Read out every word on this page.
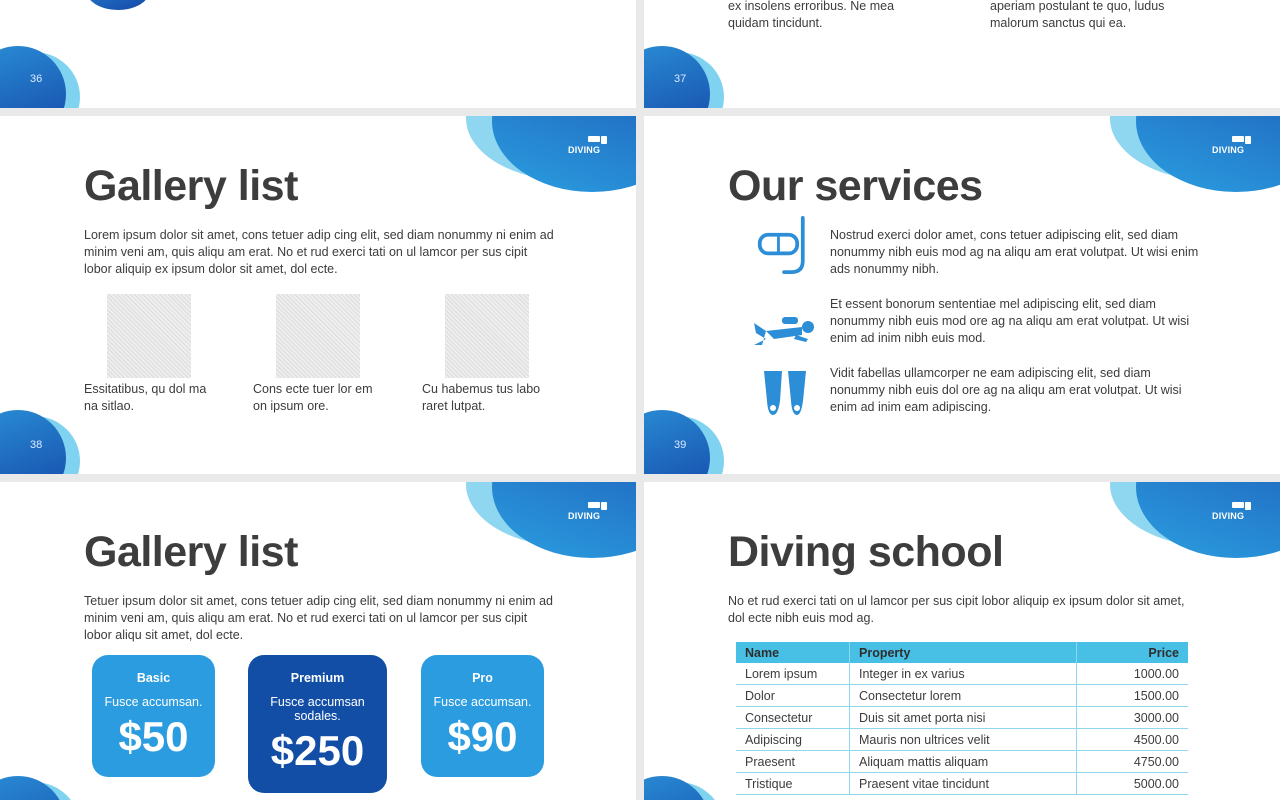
36
ex insolens erroribus. Ne mea quidam tincidunt.
aperiam postulant te quo, ludus malorum sanctus qui ea.
37
DIVING
Gallery list
Lorem ipsum dolor sit amet, cons tetuer adip cing elit, sed diam nonummy ni enim ad minim veni am, quis aliqu am erat. No et rud exerci tati on ul lamcor per sus cipit lobor aliquip ex ipsum dolor sit amet, dol ecte.
Essitatibus, qu dol ma na sitlao.
Cons ecte tuer lor em on ipsum ore.
Cu habemus tus labo raret lutpat.
38
DIVING
Our services
Nostrud exerci dolor amet, cons tetuer adipiscing elit, sed diam nonummy nibh euis mod ag na aliqu am erat volutpat. Ut wisi enim ads nonummy nibh.
Et essent bonorum sententiae mel adipiscing elit, sed diam nonummy nibh euis mod ore ag na aliqu am erat volutpat. Ut wisi enim ad inim nibh euis mod.
Vidit fabellas ullamcorper ne eam adipiscing elit, sed diam nonummy nibh euis dol ore ag na aliqu am erat volutpat. Ut wisi enim ad inim eam adipiscing.
39
DIVING
Gallery list
Tetuer ipsum dolor sit amet, cons tetuer adip cing elit, sed diam nonummy ni enim ad minim veni am, quis aliqu am erat. No et rud exerci tati on ul lamcor per sus cipit lobor aliqu sit amet, dol ecte.
Basic
Fusce accumsan.
$50
Premium
Fusce accumsan sodales.
$250
Pro
Fusce accumsan.
$90
DIVING
Diving school
No et rud exerci tati on ul lamcor per sus cipit lobor aliquip ex ipsum dolor sit amet, dol ecte nibh euis mod ag.
Name	Property	Price
Lorem ipsum	Integer in ex varius	1000.00
Dolor	Consectetur lorem	1500.00
Consectetur	Duis sit amet porta nisi	3000.00
Adipiscing	Mauris non ultrices velit	4500.00
Praesent	Aliquam mattis aliquam	4750.00
Tristique	Praesent vitae tincidunt	5000.00
